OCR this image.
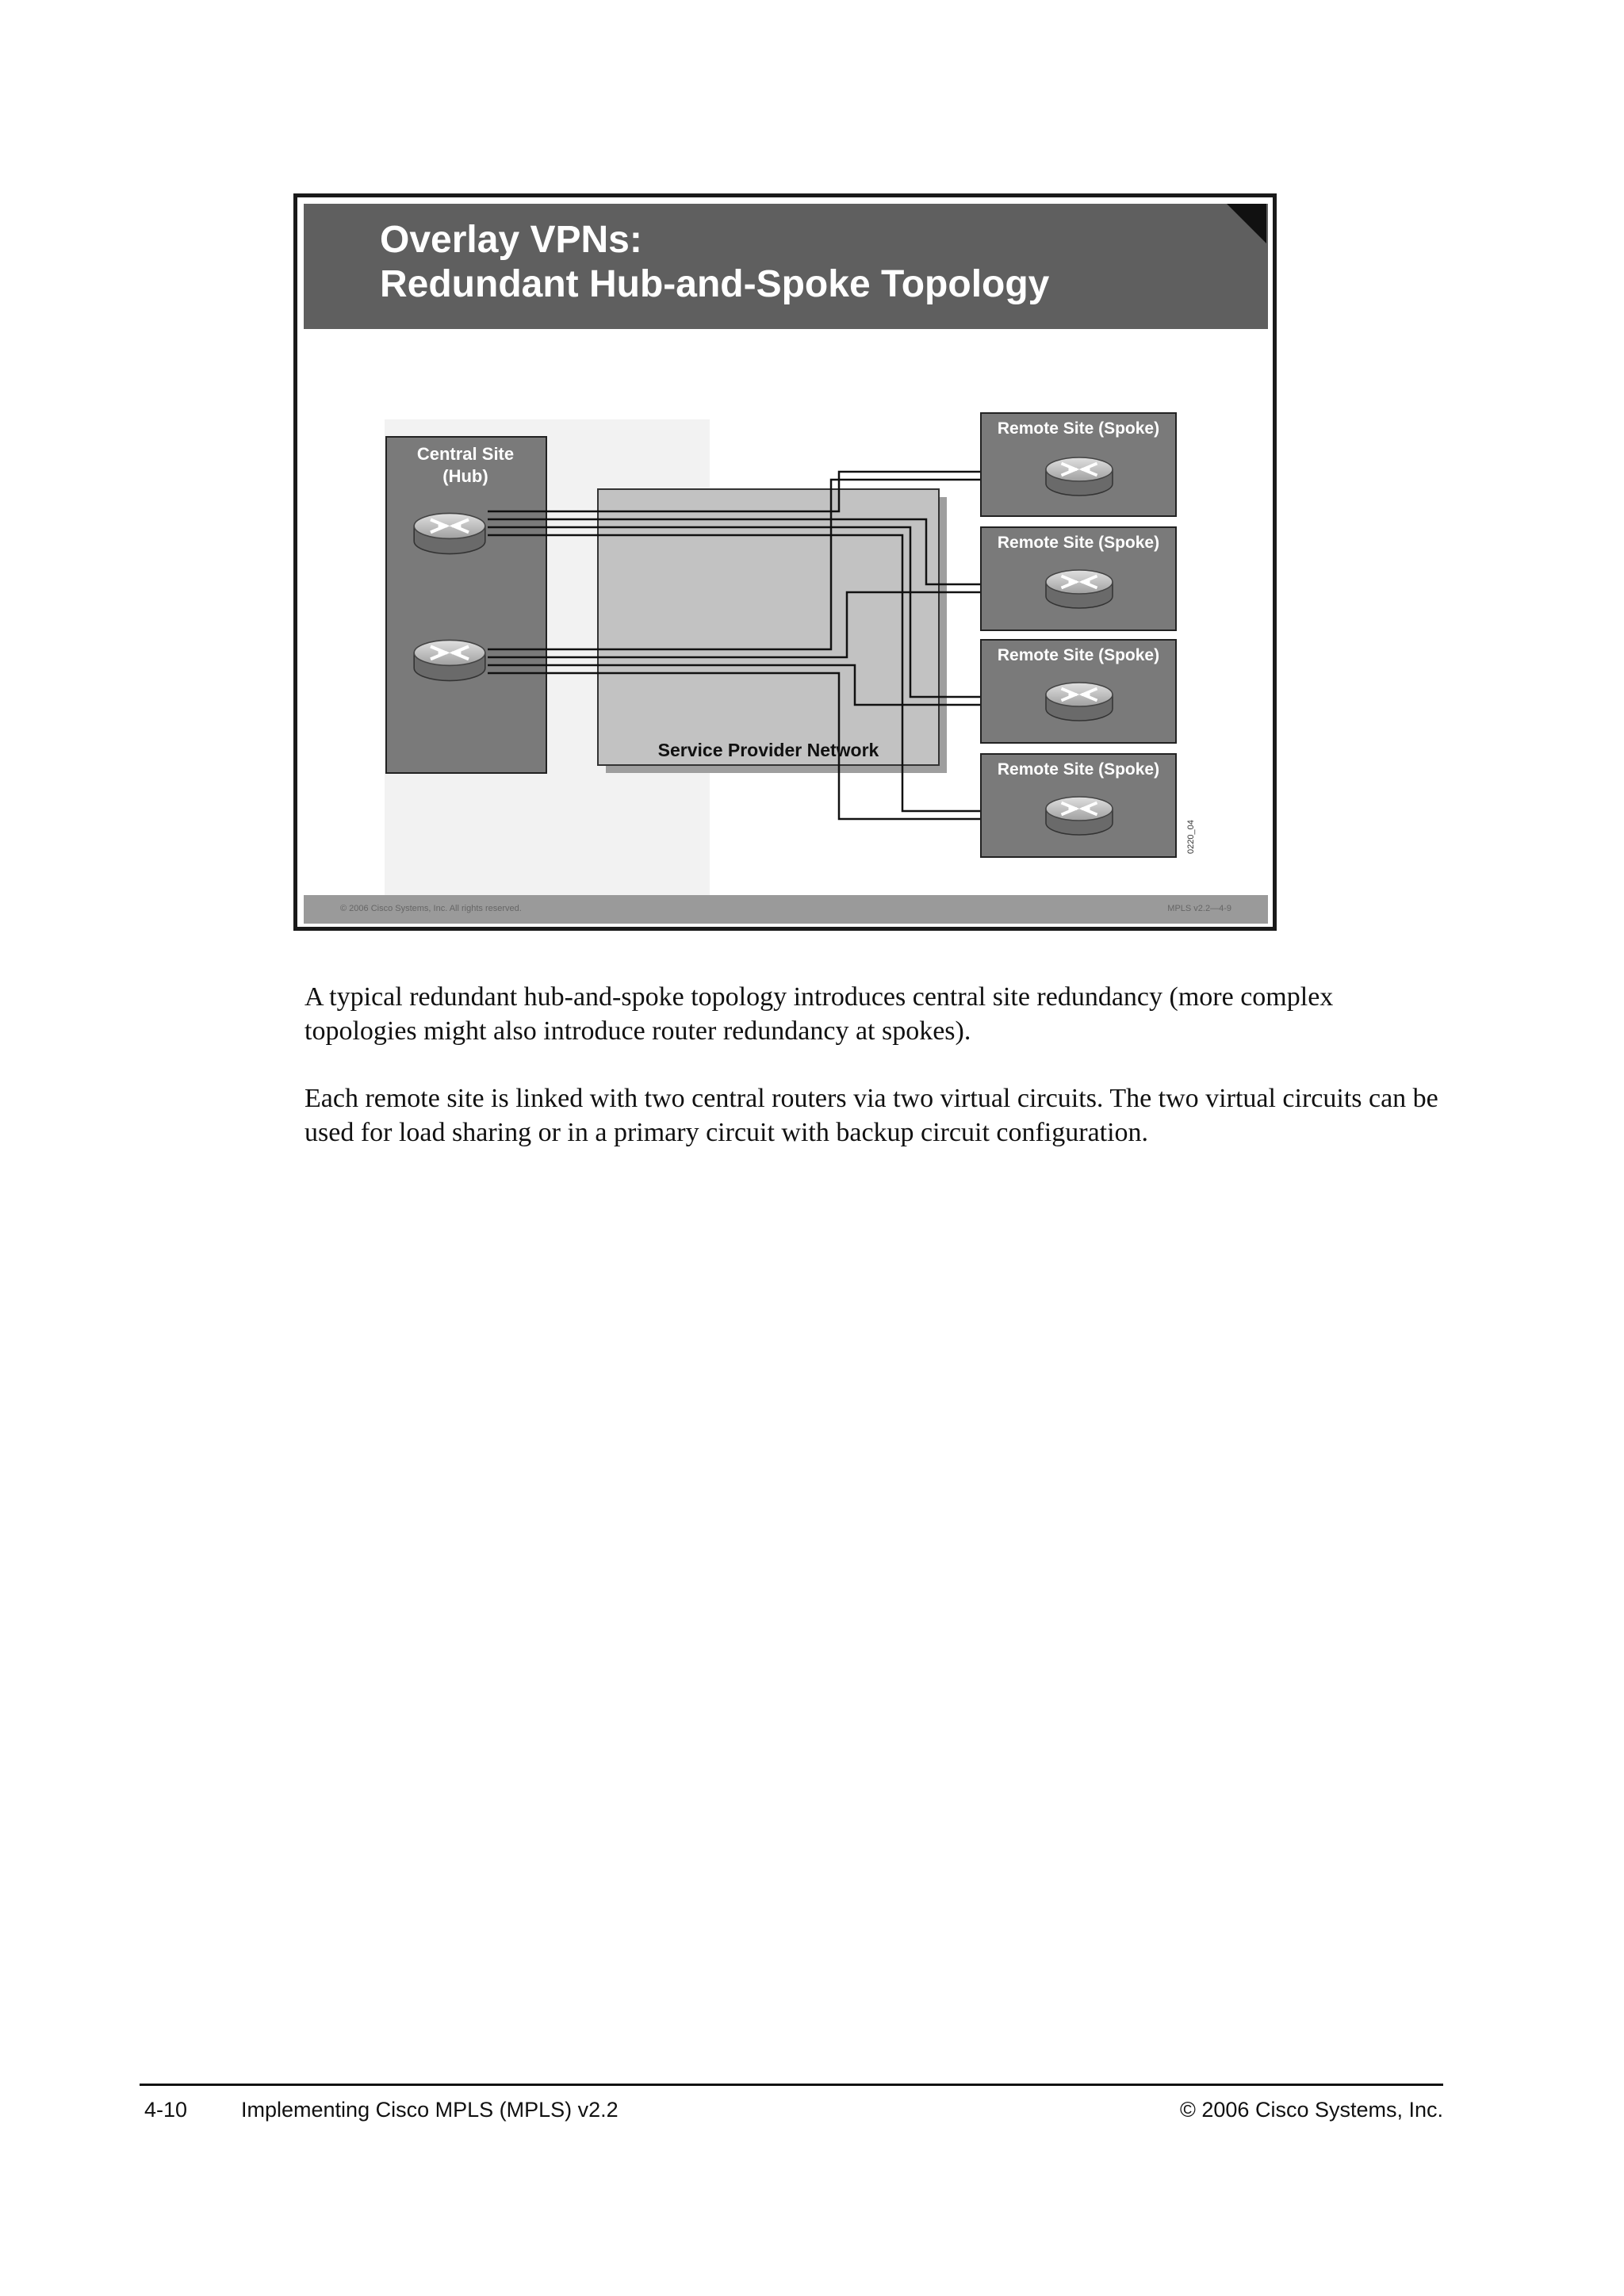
Overlay VPNs:
Redundant Hub-and-Spoke Topology
Service Provider Network
Central Site
(Hub)
Remote Site (Spoke)
Remote Site (Spoke)
Remote Site (Spoke)
Remote Site (Spoke)
0220_04
© 2006 Cisco Systems, Inc. All rights reserved.	MPLS v2.2—4-9

A typical redundant hub-and-spoke topology introduces central site redundancy (more complex topologies might also introduce router redundancy at spokes).

Each remote site is linked with two central routers via two virtual circuits. The two virtual circuits can be used for load sharing or in a primary circuit with backup circuit configuration.

4-10	Implementing Cisco MPLS (MPLS) v2.2	© 2006 Cisco Systems, Inc.
